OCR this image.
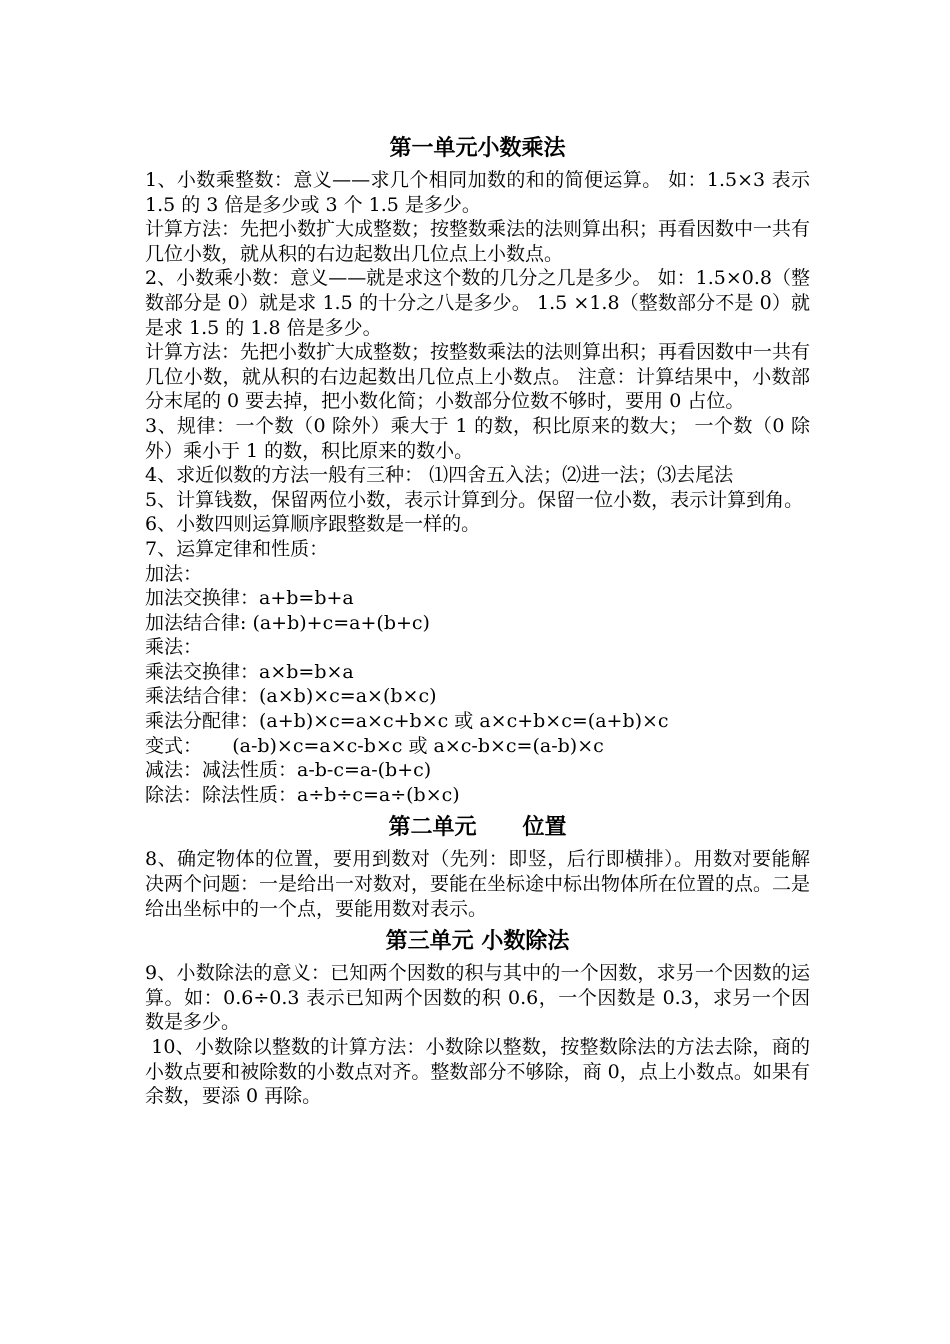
第一单元小数乘法

1、小数乘整数：意义——求几个相同加数的和的简便运算。 如：1.5×3 表示 1.5 的 3 倍是多少或 3 个 1.5 是多少。

计算方法：先把小数扩大成整数；按整数乘法的法则算出积；再看因数中一共有几位小数，就从积的右边起数出几位点上小数点。

2、小数乘小数：意义——就是求这个数的几分之几是多少。 如：1.5×0.8（整数部分是 0）就是求 1.5 的十分之八是多少。 1.5 ×1.8（整数部分不是 0）就是求 1.5 的 1.8 倍是多少。

计算方法：先把小数扩大成整数；按整数乘法的法则算出积；再看因数中一共有几位小数，就从积的右边起数出几位点上小数点。 注意：计算结果中，小数部分末尾的 0 要去掉，把小数化简；小数部分位数不够时，要用 0 占位。

3、规律：一个数（0 除外）乘大于 1 的数，积比原来的数大； 一个数（0 除外）乘小于 1 的数，积比原来的数小。

4、求近似数的方法一般有三种： ⑴四舍五入法；⑵进一法；⑶去尾法

5、计算钱数，保留两位小数，表示计算到分。保留一位小数，表示计算到角。

6、小数四则运算顺序跟整数是一样的。

7、运算定律和性质：

加法：

加法交换律：a+b=b+a

加法结合律: (a+b)+c=a+(b+c)

乘法：

乘法交换律：a×b=b×a

乘法结合律：(a×b)×c=a×(b×c)

乘法分配律：(a+b)×c=a×c+b×c 或 a×c+b×c=(a+b)×c

变式：     (a-b)×c=a×c-b×c 或 a×c-b×c=(a-b)×c

减法：减法性质：a-b-c=a-(b+c)

除法：除法性质：a÷b÷c=a÷(b×c)

第二单元      位置

8、确定物体的位置，要用到数对（先列：即竖，后行即横排）。用数对要能解决两个问题：一是给出一对数对，要能在坐标途中标出物体所在位置的点。二是给出坐标中的一个点，要能用数对表示。

第三单元 小数除法

9、小数除法的意义：已知两个因数的积与其中的一个因数，求另一个因数的运算。如：0.6÷0.3 表示已知两个因数的积 0.6，一个因数是 0.3，求另一个因数是多少。

10、小数除以整数的计算方法：小数除以整数，按整数除法的方法去除，商的小数点要和被除数的小数点对齐。整数部分不够除，商 0，点上小数点。如果有余数，要添 0 再除。
